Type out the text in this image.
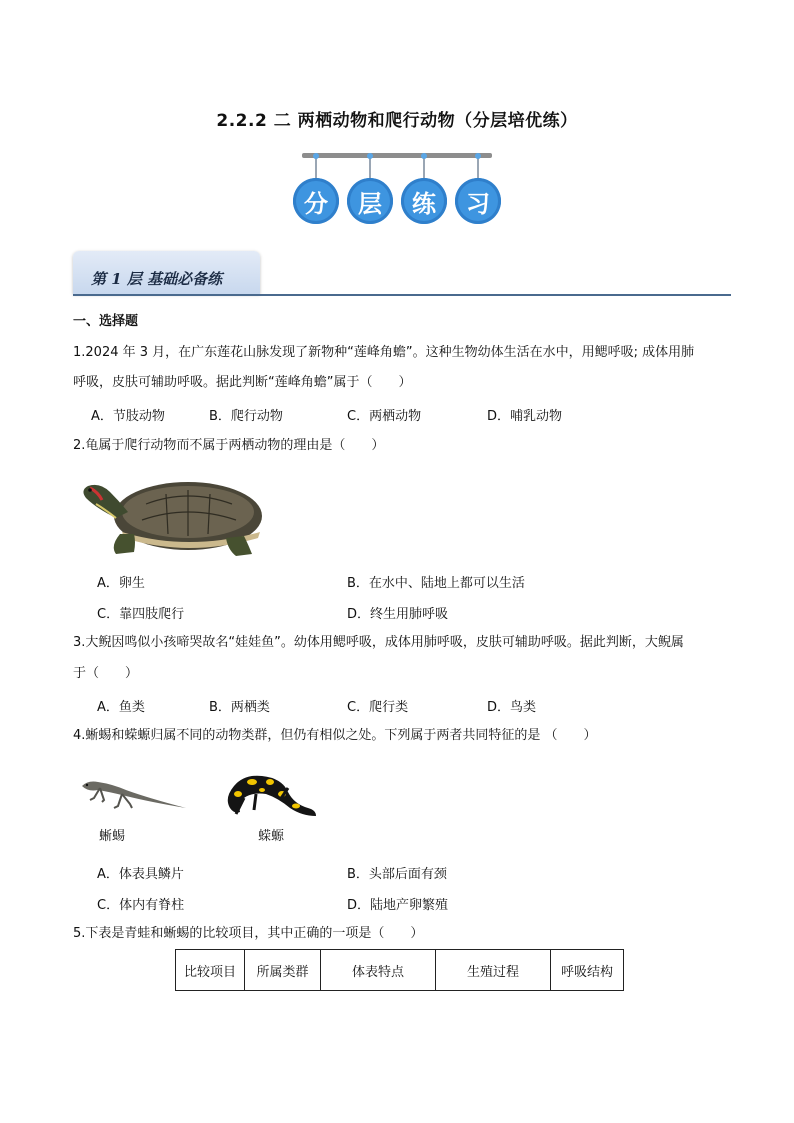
2.2.2 二 两栖动物和爬行动物（分层培优练）
分	层	练	习
第 1 层 基础必备练
一、选择题
1.2024 年 3 月，在广东莲花山脉发现了新物种“莲峰角蟾”。这种生物幼体生活在水中，用鳃呼吸; 成体用肺
呼吸，皮肤可辅助呼吸。据此判断“莲峰角蟾”属于（　　）
A．节肢动物	B．爬行动物	C．两栖动物	D．哺乳动物
2.龟属于爬行动物而不属于两栖动物的理由是（　　）
A．卵生	B．在水中、陆地上都可以生活
C．靠四肢爬行	D．终生用肺呼吸
3.大鲵因鸣似小孩啼哭故名“娃娃鱼”。幼体用鳃呼吸，成体用肺呼吸，皮肤可辅助呼吸。据此判断，大鲵属
于（　　）
A．鱼类	B．两栖类	C．爬行类	D．鸟类
4.蜥蜴和蝾螈归属不同的动物类群，但仍有相似之处。下列属于两者共同特征的是 （　　）
蜥蜴	蝾螈
A．体表具鳞片	B．头部后面有颈
C．体内有脊柱	D．陆地产卵繁殖
5.下表是青蛙和蜥蜴的比较项目，其中正确的一项是（　　）
比较项目	所属类群	体表特点	生殖过程	呼吸结构
